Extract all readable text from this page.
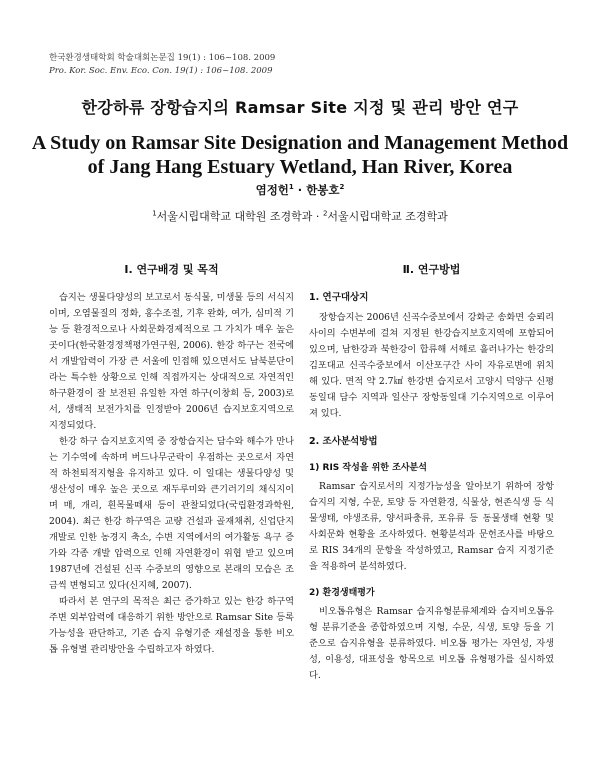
한국환경생태학회 학술대회논문집 19(1) : 106~108. 2009
Pro. Kor. Soc. Env. Eco. Con. 19(1) : 106~108. 2009
한강하류 장항습지의 Ramsar Site 지정 및 관리 방안 연구
A Study on Ramsar Site Designation and Management Method of Jang Hang Estuary Wetland, Han River, Korea
염정헌$^1$ · 한봉호$^2$
$^1$서울시립대학교 대학원 조경학과 · $^2$서울시립대학교 조경학과
Ⅰ. 연구배경 및 목적

습지는 생물다양성의 보고로서 동식물, 미생물 등의 서식지이며, 오염물질의 정화, 홍수조절, 기후 완화, 여가, 심미적 기능 등 환경적으로나 사회문화경제적으로 그 가치가 매우 높은 곳이다(한국환경정책평가연구원, 2006). 한강 하구는 전국에서 개발압력이 가장 큰 서울에 인접해 있으면서도 남북분단이라는 특수한 상황으로 인해 직접까지는 상대적으로 자연적인 하구환경이 잘 보전된 유일한 자연 하구(이창희 등, 2003)로서, 생태적 보전가치를 인정받아 2006년 습지보호지역으로 지정되었다.

한강 하구 습지보호지역 중 장항습지는 담수와 해수가 만나는 기수역에 속하며 버드나무군락이 우점하는 곳으로서 자연적 하천퇴적지형을 유지하고 있다. 이 일대는 생물다양성 및 생산성이 매우 높은 곳으로 재두루미와 큰기러기의 채식지이며 매, 개리, 흰목물떼새 등이 관찰되었다(국립환경과학원, 2004). 최근 한강 하구역은 교량 건설과 골재채취, 신업단지 개발로 인한 농경지 축소, 수변 지역에서의 여가활동 욕구 증가와 각종 개발 압력으로 인해 자연환경이 위협 받고 있으며 1987년에 건설된 신곡 수중보의 영향으로 본래의 모습은 조금씩 변형되고 있다(신지혜, 2007).

따라서 본 연구의 목적은 최근 증가하고 있는 한강 하구역 주변 외부압력에 대응하기 위한 방안으로 Ramsar Site 등록 가능성을 판단하고, 기존 습지 유형기준 재설정을 통한 비오톱 유형별 관리방안을 수립하고자 하였다.

Ⅱ. 연구방법
1. 연구대상지

장항습지는 2006년 신곡수중보에서 강화군 송화면 숭뢰리 사이의 수변부에 걸쳐 지정된 한강습지보호지역에 포함되어 있으며, 남한강과 북한강이 합류해 서해로 흘러나가는 한강의 김포대교 신곡수중보에서 이산포구간 사이 자유로변에 위치해 있다. 면적 약 2.7㎢ 한강변 습지로서 고양시 덕양구 신평동일대 담수 지역과 일산구 장항동일대 기수지역으로 이루어져 있다.

2. 조사분석방법
1) RIS 작성을 위한 조사분석

Ramsar 습지로서의 지정가능성을 알아보기 위하여 장항습지의 지형, 수문, 토양 등 자연환경, 식물상, 현존식생 등 식물생태, 야생조류, 양서파충류, 포유류 등 동물생태 현황 및 사회문화 현황을 조사하였다. 현황분석과 문헌조사를 바탕으로 RIS 34개의 문항을 작성하였고, Ramsar 습지 지정기준을 적용하여 분석하였다.

2) 환경생태평가

비오톱유형은 Ramsar 습지유형분류체계와 습지비오톱유형 분류기준을 종합하였으며 지형, 수문, 식생, 토양 등을 기준으로 습지유형을 분류하였다. 비오톱 평가는 자연성, 자생성, 이용성, 대표성을 항목으로 비오톱 유형평가를 실시하였다.
